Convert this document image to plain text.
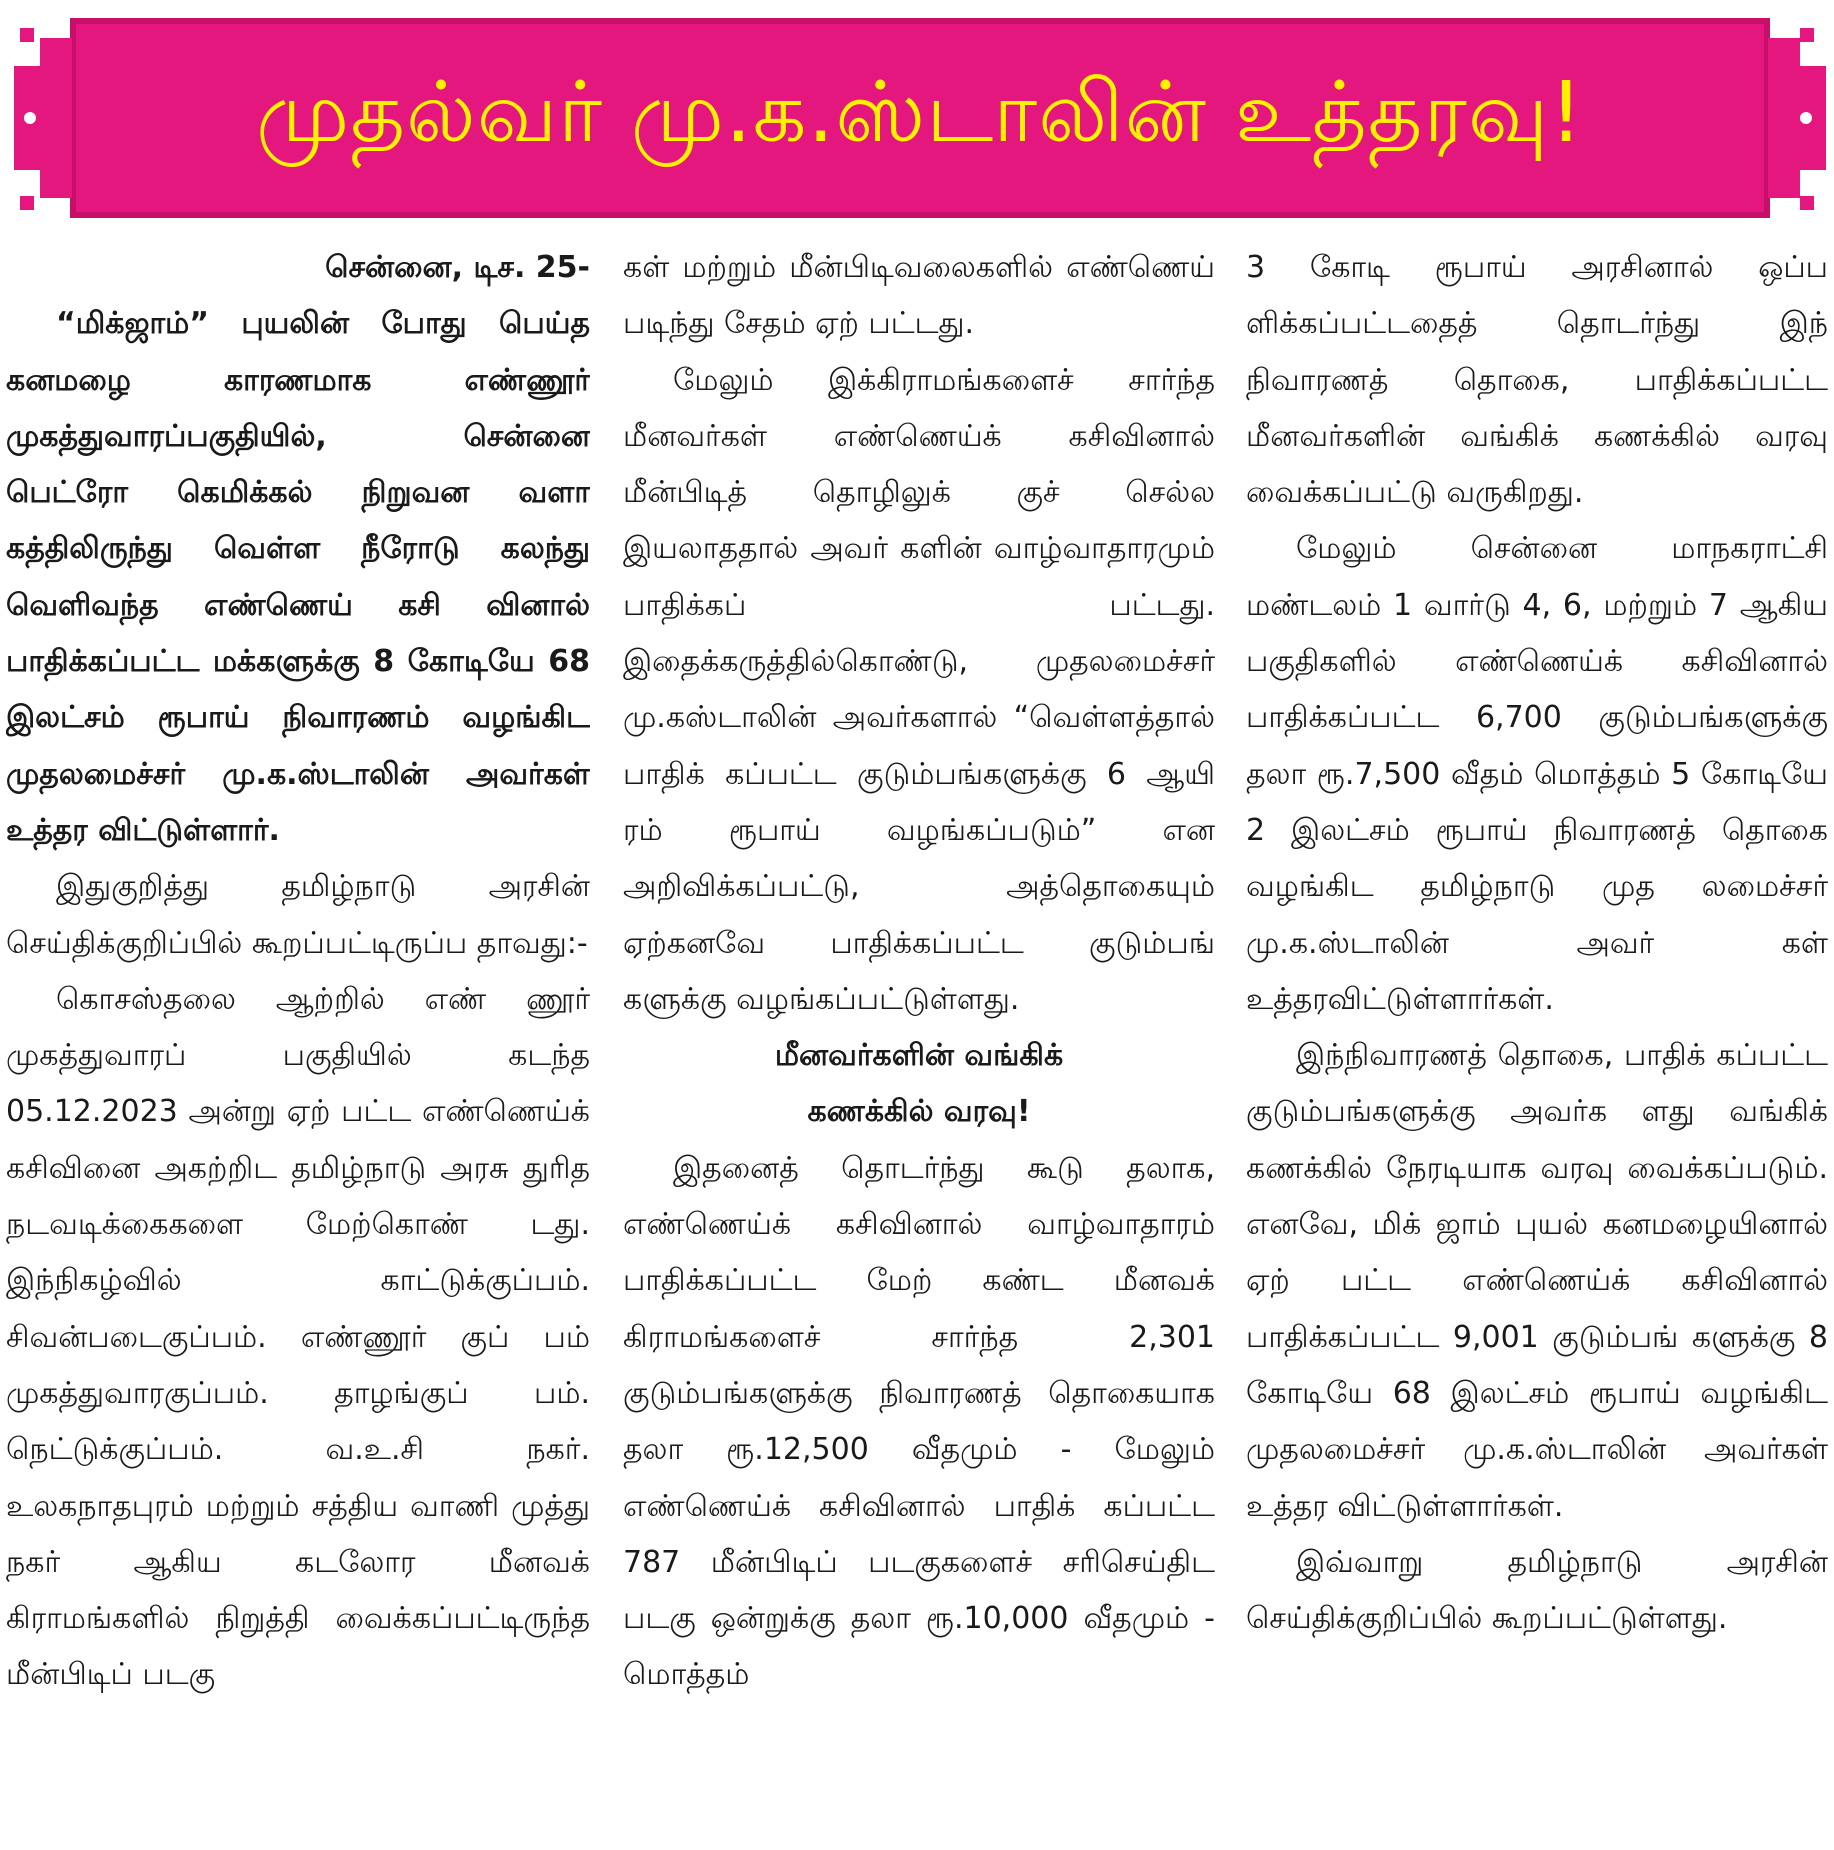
முதல்வர் மு.க.ஸ்டாலின் உத்தரவு!

சென்னை, டிச. 25-

“மிக்ஜாம்” புயலின் போது பெய்த கனமழை காரணமாக எண்ணூர் முகத்துவாரப்பகுதியில், சென்னை பெட்ரோ கெமிக்கல் நிறுவன வளா கத்திலிருந்து வெள்ள நீரோடு கலந்து வெளிவந்த எண்ணெய் கசி வினால் பாதிக்கப்பட்ட மக்களுக்கு 8 கோடியே 68 இலட்சம் ரூபாய் நிவாரணம் வழங்கிட முதலமைச்சர் மு.க.ஸ்டாலின் அவர்கள் உத்தர விட்டுள்ளார்.

இதுகுறித்து தமிழ்நாடு அரசின் செய்திக்குறிப்பில் கூறப்பட்டிருப்ப தாவது:-

கொசஸ்தலை ஆற்றில் எண் ணூர் முகத்துவாரப் பகுதியில் கடந்த 05.12.2023 அன்று ஏற் பட்ட எண்ணெய்க் கசிவினை அகற்றிட தமிழ்நாடு அரசு துரித நடவடிக்கைகளை மேற்கொண் டது. இந்நிகழ்வில் காட்டுக்குப்பம். சிவன்படைகுப்பம். எண்ணூர் குப் பம் முகத்துவாரகுப்பம். தாழங்குப் பம். நெட்டுக்குப்பம். வ.உ.சி நகர். உலகநாதபுரம் மற்றும் சத்திய வாணி முத்து நகர் ஆகிய கடலோர மீனவக் கிராமங்களில் நிறுத்தி வைக்கப்பட்டிருந்த மீன்பிடிப் படகு

கள் மற்றும் மீன்பிடிவலைகளில் எண்ணெய் படிந்து சேதம் ஏற் பட்டது.

மேலும் இக்கிராமங்களைச் சார்ந்த மீனவர்கள் எண்ணெய்க் கசிவினால் மீன்பிடித் தொழிலுக் குச் செல்ல இயலாததால் அவர் களின் வாழ்வாதாரமும் பாதிக்கப் பட்டது. இதைக்கருத்தில்கொண்டு, முதலமைச்சர் மு.கஸ்டாலின் அவர்களால் “வெள்ளத்தால் பாதிக் கப்பட்ட குடும்பங்களுக்கு 6 ஆயி ரம் ரூபாய் வழங்கப்படும்” என அறிவிக்கப்பட்டு, அத்தொகையும் ஏற்கனவே பாதிக்கப்பட்ட குடும்பங் களுக்கு வழங்கப்பட்டுள்ளது.

மீனவர்களின் வங்கிக்
கணக்கில் வரவு!

இதனைத் தொடர்ந்து கூடு தலாக, எண்ணெய்க் கசிவினால் வாழ்வாதாரம் பாதிக்கப்பட்ட மேற் கண்ட மீனவக் கிராமங்களைச் சார்ந்த 2,301 குடும்பங்களுக்கு நிவாரணத் தொகையாக தலா ரூ.12,500 வீதமும் - மேலும் எண்ணெய்க் கசிவினால் பாதிக் கப்பட்ட 787 மீன்பிடிப் படகுகளைச் சரிசெய்திட படகு ஒன்றுக்கு தலா ரூ.10,000 வீதமும் - மொத்தம்

3 கோடி ரூபாய் அரசினால் ஒப்ப ளிக்கப்பட்டதைத் தொடர்ந்து இந் நிவாரணத் தொகை, பாதிக்கப்பட்ட மீனவர்களின் வங்கிக் கணக்கில் வரவு வைக்கப்பட்டு வருகிறது.

மேலும் சென்னை மாநகராட்சி மண்டலம் 1 வார்டு 4, 6, மற்றும் 7 ஆகிய பகுதிகளில் எண்ணெய்க் கசிவினால் பாதிக்கப்பட்ட 6,700 குடும்பங்களுக்கு தலா ரூ.7,500 வீதம் மொத்தம் 5 கோடியே 2 இலட்சம் ரூபாய் நிவாரணத் தொகை வழங்கிட தமிழ்நாடு முத லமைச்சர் மு.க.ஸ்டாலின் அவர் கள் உத்தரவிட்டுள்ளார்கள்.

இந்நிவாரணத் தொகை, பாதிக் கப்பட்ட குடும்பங்களுக்கு அவர்க ளது வங்கிக் கணக்கில் நேரடியாக வரவு வைக்கப்படும். எனவே, மிக் ஜாம் புயல் கனமழையினால் ஏற் பட்ட எண்ணெய்க் கசிவினால் பாதிக்கப்பட்ட 9,001 குடும்பங் களுக்கு 8 கோடியே 68 இலட்சம் ரூபாய் வழங்கிட முதலமைச்சர் மு.க.ஸ்டாலின் அவர்கள் உத்தர விட்டுள்ளார்கள்.

இவ்வாறு தமிழ்நாடு அரசின் செய்திக்குறிப்பில் கூறப்பட்டுள்ளது.
